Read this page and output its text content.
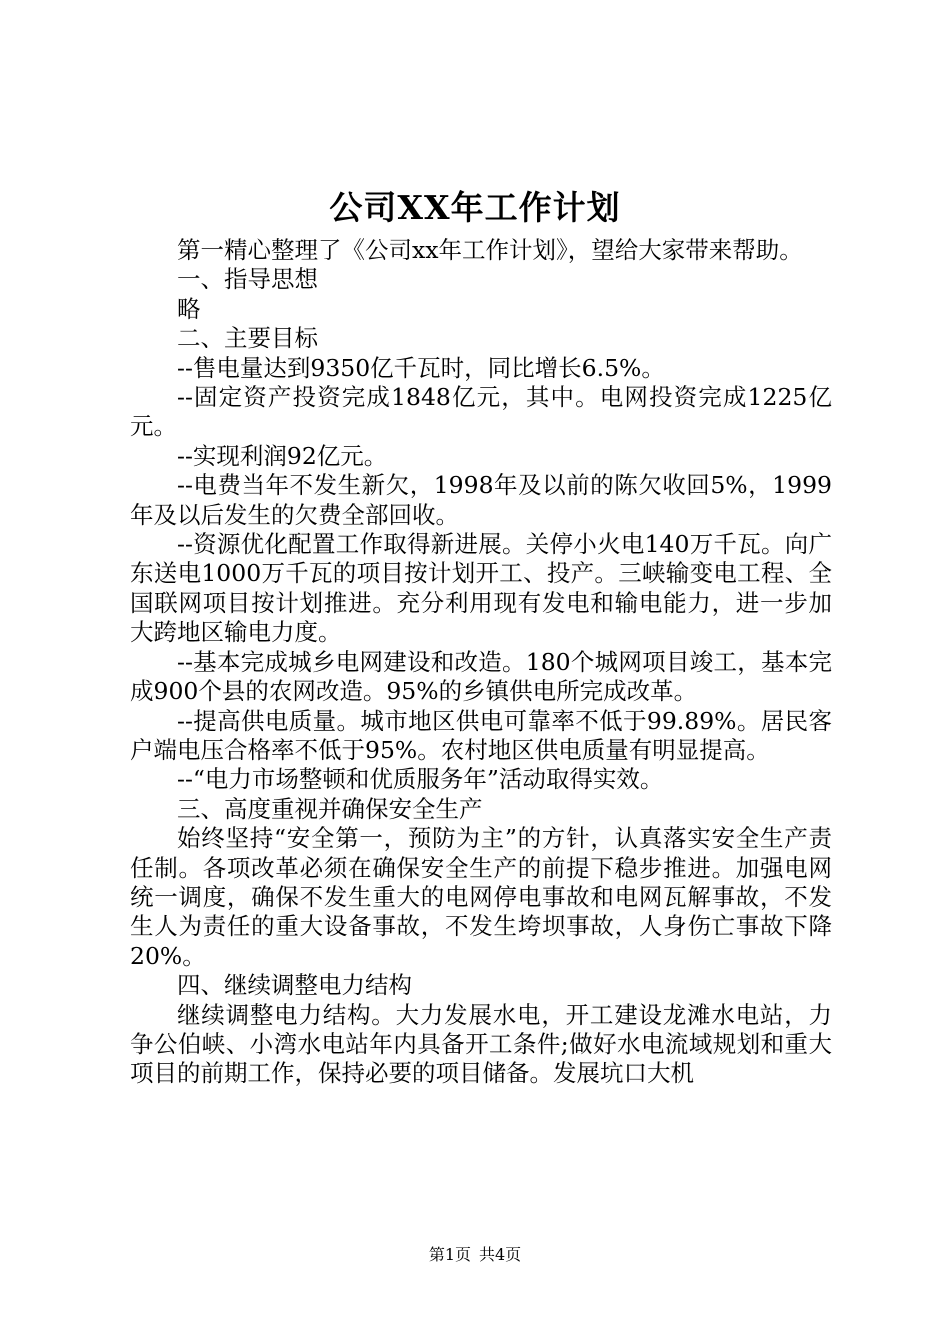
公司XX年工作计划

第一精心整理了《公司xx年工作计划》，望给大家带来帮助。

一、指导思想

略

二、主要目标

--售电量达到9350亿千瓦时，同比增长6.5%。

--固定资产投资完成1848亿元，其中。电网投资完成1225亿元。

--实现利润92亿元。

--电费当年不发生新欠，1998年及以前的陈欠收回5%，1999年及以后发生的欠费全部回收。

--资源优化配置工作取得新进展。关停小火电140万千瓦。向广东送电1000万千瓦的项目按计划开工、投产。三峡输变电工程、全国联网项目按计划推进。充分利用现有发电和输电能力，进一步加大跨地区输电力度。

--基本完成城乡电网建设和改造。180个城网项目竣工，基本完成900个县的农网改造。95%的乡镇供电所完成改革。

--提高供电质量。城市地区供电可靠率不低于99.89%。居民客户端电压合格率不低于95%。农村地区供电质量有明显提高。

--“电力市场整顿和优质服务年”活动取得实效。

三、高度重视并确保安全生产

始终坚持“安全第一，预防为主”的方针，认真落实安全生产责任制。各项改革必须在确保安全生产的前提下稳步推进。加强电网统一调度，确保不发生重大的电网停电事故和电网瓦解事故，不发生人为责任的重大设备事故，不发生垮坝事故，人身伤亡事故下降20%。

四、继续调整电力结构

继续调整电力结构。大力发展水电，开工建设龙滩水电站，力争公伯峡、小湾水电站年内具备开工条件;做好水电流域规划和重大项目的前期工作，保持必要的项目储备。发展坑口大机

第1页 共4页
